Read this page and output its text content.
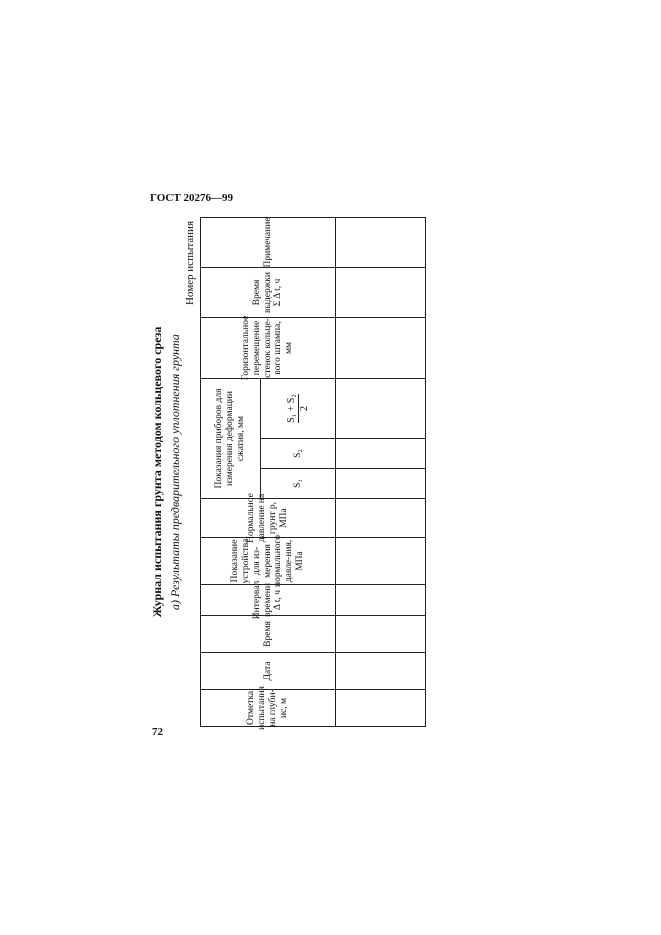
ГОСТ 20276—99
72
Журнал испытания грунта методом кольцевого среза а) Результаты предварительного уплотнения грунта
Номер испытания
Отметка испытания на глуби-ис, м
Дата
Время
Интервал времени Δ t, ч
Показание устройства для из-мерения нормального давле-ния, МПа
Нормальное давление на грунт p, МПа
Показания приборов для измерения деформации сжатия, мм
S₁
S₂
S₁ + S₂ 2
Горизонтальное перемещение стенок кольце-вого штампа, мм
Время выдержки Σ Δ t, ч
Примечание
